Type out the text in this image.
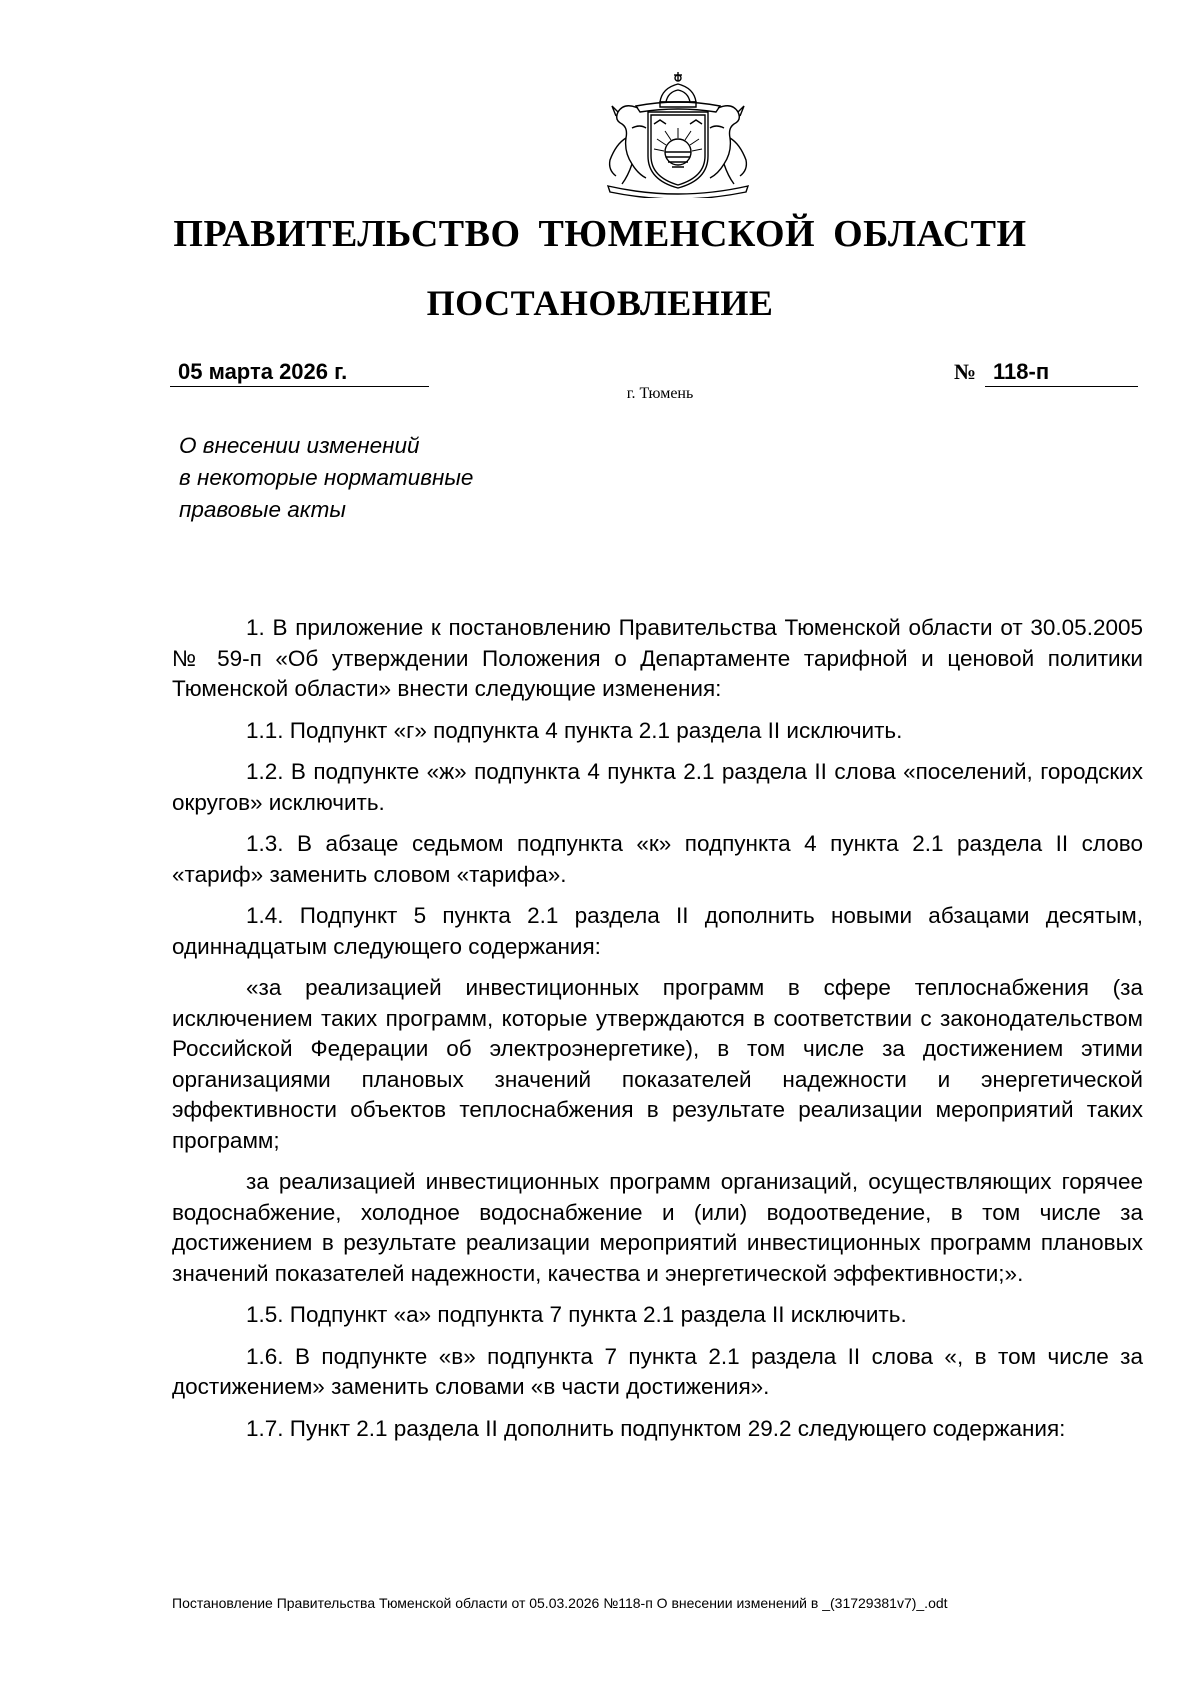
ПРАВИТЕЛЬСТВО ТЮМЕНСКОЙ ОБЛАСТИ
ПОСТАНОВЛЕНИЕ
05 марта 2026 г.	№ 118-п
г. Тюмень
О внесении изменений
в некоторые нормативные
правовые акты

1. В приложение к постановлению Правительства Тюменской области от 30.05.2005 № 59-п «Об утверждении Положения о Департаменте тарифной и ценовой политики Тюменской области» внести следующие изменения:

1.1. Подпункт «г» подпункта 4 пункта 2.1 раздела II исключить.

1.2. В подпункте «ж» подпункта 4 пункта 2.1 раздела II слова «поселений, городских округов» исключить.

1.3. В абзаце седьмом подпункта «к» подпункта 4 пункта 2.1 раздела II слово «тариф» заменить словом «тарифа».

1.4. Подпункт 5 пункта 2.1 раздела II дополнить новыми абзацами десятым, одиннадцатым следующего содержания:

«за реализацией инвестиционных программ в сфере теплоснабжения (за исключением таких программ, которые утверждаются в соответствии с законодательством Российской Федерации об электроэнергетике), в том числе за достижением этими организациями плановых значений показателей надежности и энергетической эффективности объектов теплоснабжения в результате реализации мероприятий таких программ;

за реализацией инвестиционных программ организаций, осуществляющих горячее водоснабжение, холодное водоснабжение и (или) водоотведение, в том числе за достижением в результате реализации мероприятий инвестиционных программ плановых значений показателей надежности, качества и энергетической эффективности;».

1.5. Подпункт «а» подпункта 7 пункта 2.1 раздела II исключить.

1.6. В подпункте «в» подпункта 7 пункта 2.1 раздела II слова «, в том числе за достижением» заменить словами «в части достижения».

1.7. Пункт 2.1 раздела II дополнить подпунктом 29.2 следующего содержания:

Постановление Правительства Тюменской области от 05.03.2026 №118-п О внесении изменений в _(31729381v7)_.odt
